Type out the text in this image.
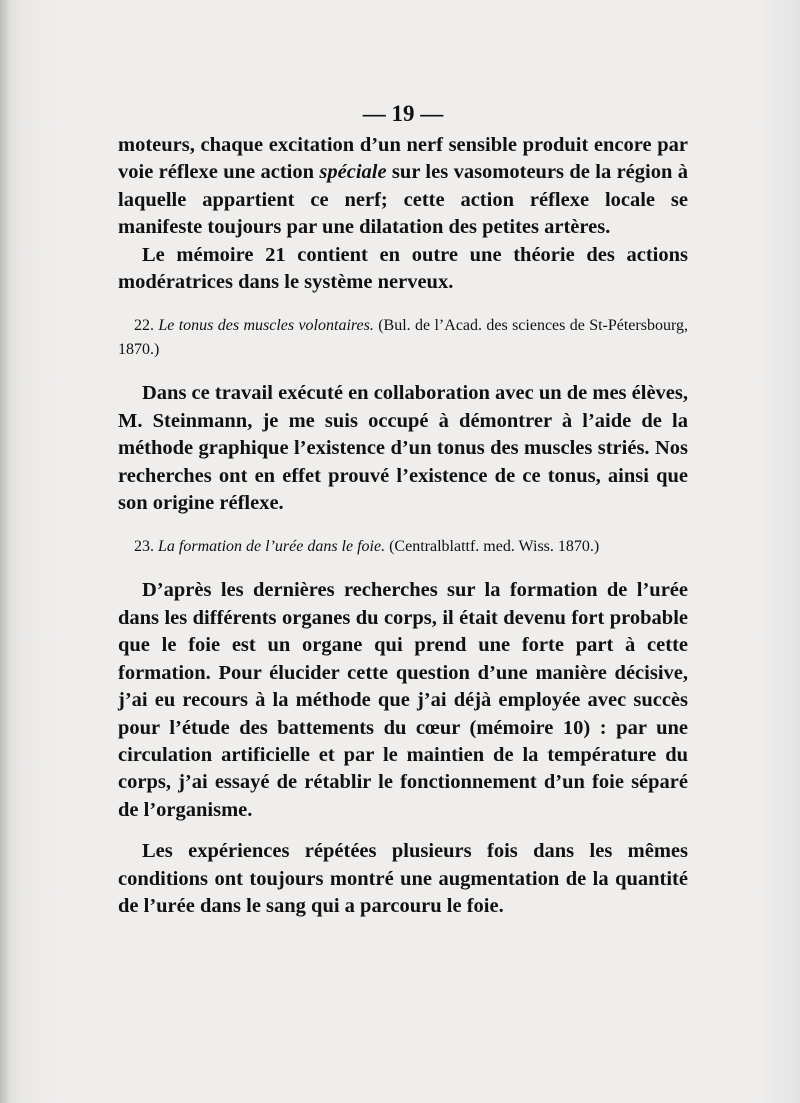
— 19 —

moteurs, chaque excitation d’un nerf sensible produit encore par voie réflexe une action spéciale sur les vasomoteurs de la région à laquelle appartient ce nerf; cette action réflexe locale se manifeste toujours par une dilatation des petites artères.

Le mémoire 21 contient en outre une théorie des actions modératrices dans le système nerveux.

22. Le tonus des muscles volontaires. (Bul. de l’Acad. des sciences de St-Pétersbourg, 1870.)

Dans ce travail exécuté en collaboration avec un de mes élèves, M. Steinmann, je me suis occupé à démontrer à l’aide de la méthode graphique l’existence d’un tonus des muscles striés. Nos recherches ont en effet prouvé l’existence de ce tonus, ainsi que son origine réflexe.

23. La formation de l’urée dans le foie. (Centralblattf. med. Wiss. 1870.)

D’après les dernières recherches sur la formation de l’urée dans les différents organes du corps, il était devenu fort probable que le foie est un organe qui prend une forte part à cette formation. Pour élucider cette question d’une manière décisive, j’ai eu recours à la méthode que j’ai déjà employée avec succès pour l’étude des battements du cœur (mémoire 10) : par une circulation artificielle et par le maintien de la température du corps, j’ai essayé de rétablir le fonctionnement d’un foie séparé de l’organisme.

Les expériences répétées plusieurs fois dans les mêmes conditions ont toujours montré une augmentation de la quantité de l’urée dans le sang qui a parcouru le foie.
